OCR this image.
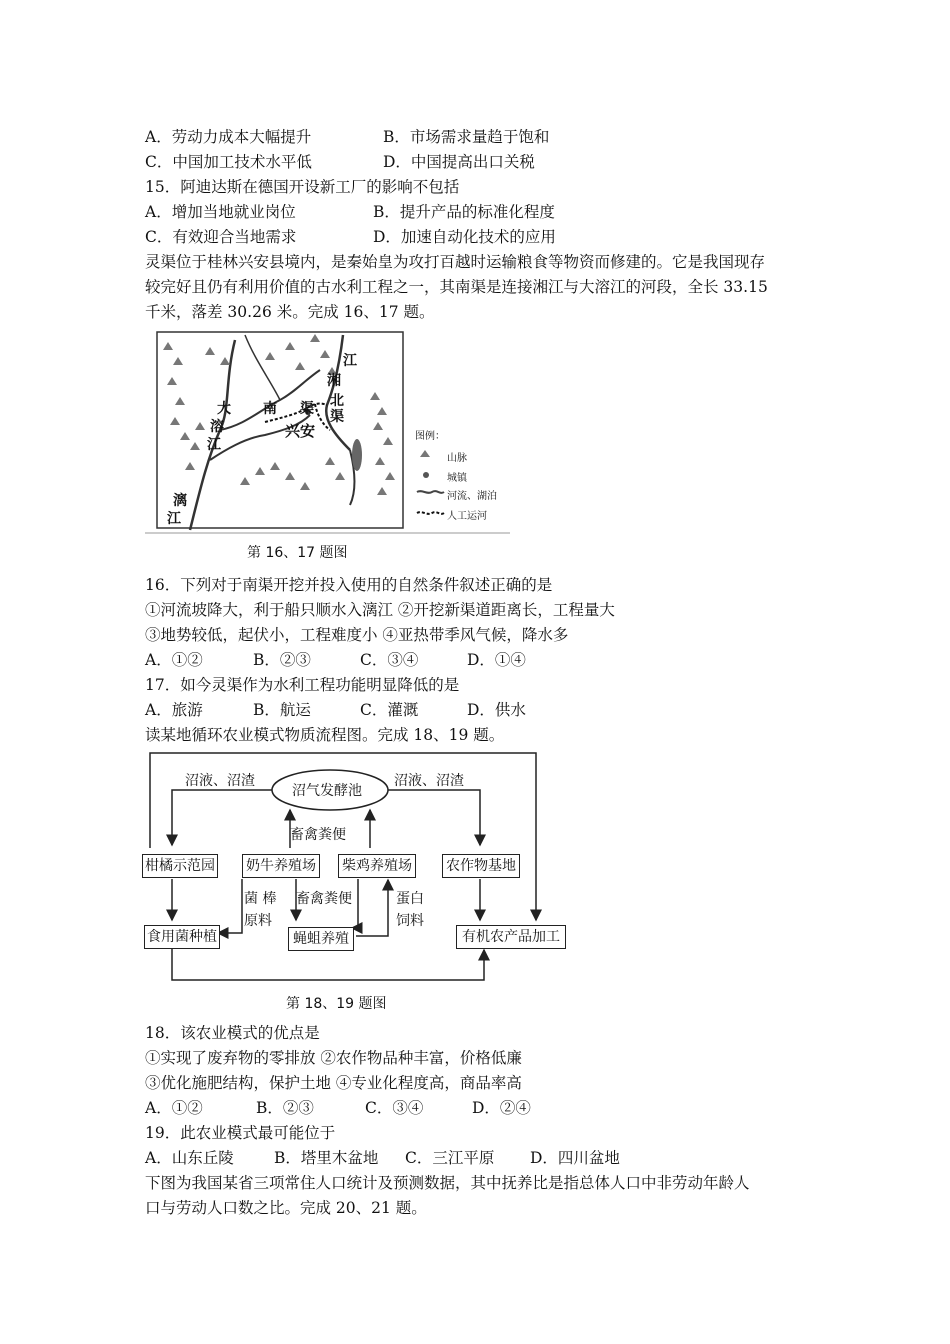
A．劳动力成本大幅提升	B．市场需求量趋于饱和
C．中国加工技术水平低	D．中国提高出口关税
15．阿迪达斯在德国开设新工厂的影响不包括
A．增加当地就业岗位	B．提升产品的标准化程度
C．有效迎合当地需求	D．加速自动化技术的应用
灵渠位于桂林兴安县境内，是秦始皇为攻打百越时运输粮食等物资而修建的。它是我国现存
较完好且仍有利用价值的古水利工程之一，其南渠是连接湘江与大溶江的河段，全长 33.15
千米，落差 30.26 米。完成 16、17 题。
江
湘
大
溶
江
南 渠 北
渠
兴安
漓
江
图例：
山脉
城镇
河流、湖泊
人工运河
第 16、17 题图
16．下列对于南渠开挖并投入使用的自然条件叙述正确的是
①河流坡降大，利于船只顺水入漓江 ②开挖新渠道距离长，工程量大
③地势较低，起伏小，工程难度小 ④亚热带季风气候，降水多
A．①②	B．②③	C．③④	D．①④
17．如今灵渠作为水利工程功能明显降低的是
A．旅游	B．航运	C．灌溉	D．供水
读某地循环农业模式物质流程图。完成 18、19 题。
沼气发酵池
柑橘示范园 奶牛养殖场 柴鸡养殖场 农作物基地
食用菌种植	蝇蛆养殖	有机农产品加工
沼液、沼渣	沼液、沼渣
畜禽粪便
畜禽粪便
菌 棒
原料
蛋白
饲料
第 18、19 题图
18．该农业模式的优点是
①实现了废弃物的零排放 ②农作物品种丰富，价格低廉
③优化施肥结构，保护土地 ④专业化程度高，商品率高
A．①②	B．②③	C．③④	D．②④
19．此农业模式最可能位于
A．山东丘陵	B．塔里木盆地 C．三江平原 D．四川盆地
下图为我国某省三项常住人口统计及预测数据，其中抚养比是指总体人口中非劳动年龄人
口与劳动人口数之比。完成 20、21 题。
